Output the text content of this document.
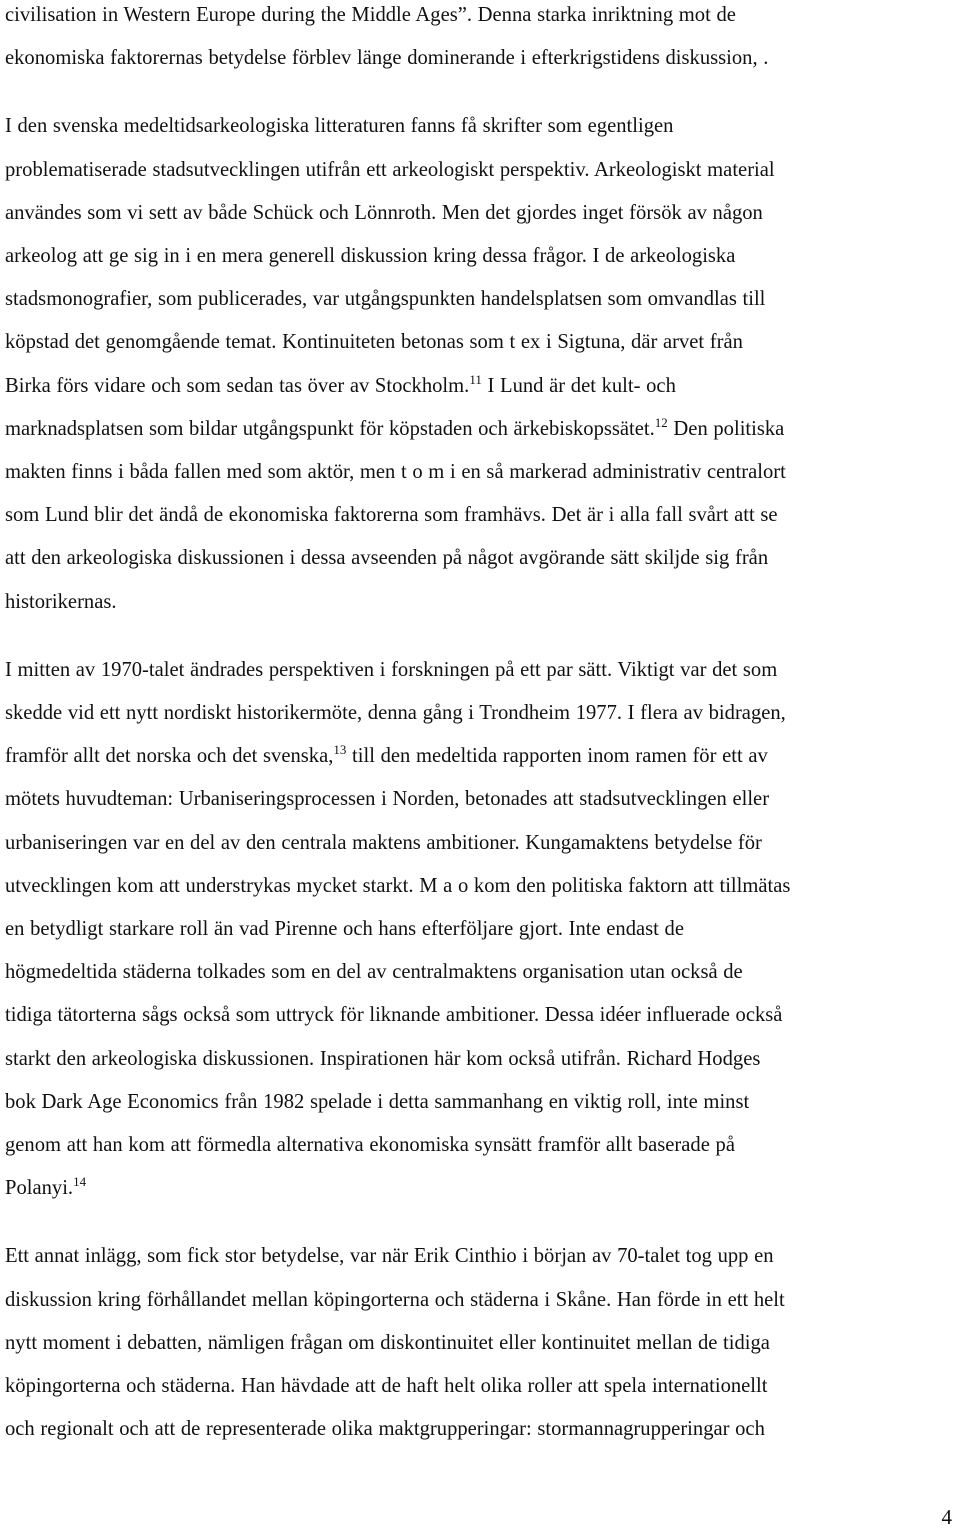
civilisation in Western Europe during the Middle Ages”. Denna starka inriktning mot de
ekonomiska faktorernas betydelse förblev länge dominerande i efterkrigstidens diskussion, .

I den svenska medeltidsarkeologiska litteraturen fanns få skrifter som egentligen
problematiserade stadsutvecklingen utifrån ett arkeologiskt perspektiv. Arkeologiskt material
användes som vi sett av både Schück och Lönnroth. Men det gjordes inget försök av någon
arkeolog att ge sig in i en mera generell diskussion kring dessa frågor. I de arkeologiska
stadsmonografier, som publicerades, var utgångspunkten handelsplatsen som omvandlas till
köpstad det genomgående temat. Kontinuiteten betonas som t ex i Sigtuna, där arvet från
Birka förs vidare och som sedan tas över av Stockholm.$^{11}$ I Lund är det kult- och
marknadsplatsen som bildar utgångspunkt för köpstaden och ärkebiskopssätet.$^{12}$ Den politiska
makten finns i båda fallen med som aktör, men t o m i en så markerad administrativ centralort
som Lund blir det ändå de ekonomiska faktorerna som framhävs. Det är i alla fall svårt att se
att den arkeologiska diskussionen i dessa avseenden på något avgörande sätt skiljde sig från
historikernas.

I mitten av 1970-talet ändrades perspektiven i forskningen på ett par sätt. Viktigt var det som
skedde vid ett nytt nordiskt historikermöte, denna gång i Trondheim 1977. I flera av bidragen,
framför allt det norska och det svenska,$^{13}$ till den medeltida rapporten inom ramen för ett av
mötets huvudteman: Urbaniseringsprocessen i Norden, betonades att stadsutvecklingen eller
urbaniseringen var en del av den centrala maktens ambitioner. Kungamaktens betydelse för
utvecklingen kom att understrykas mycket starkt. M a o kom den politiska faktorn att tillmätas
en betydligt starkare roll än vad Pirenne och hans efterföljare gjort. Inte endast de
högmedeltida städerna tolkades som en del av centralmaktens organisation utan också de
tidiga tätorterna sågs också som uttryck för liknande ambitioner. Dessa idéer influerade också
starkt den arkeologiska diskussionen. Inspirationen här kom också utifrån. Richard Hodges
bok Dark Age Economics från 1982 spelade i detta sammanhang en viktig roll, inte minst
genom att han kom att förmedla alternativa ekonomiska synsätt framför allt baserade på
Polanyi.$^{14}$

Ett annat inlägg, som fick stor betydelse, var när Erik Cinthio i början av 70-talet tog upp en
diskussion kring förhållandet mellan köpingorterna och städerna i Skåne. Han förde in ett helt
nytt moment i debatten, nämligen frågan om diskontinuitet eller kontinuitet mellan de tidiga
köpingorterna och städerna. Han hävdade att de haft helt olika roller att spela internationellt
och regionalt och att de representerade olika maktgrupperingar: stormannagrupperingar och

4
